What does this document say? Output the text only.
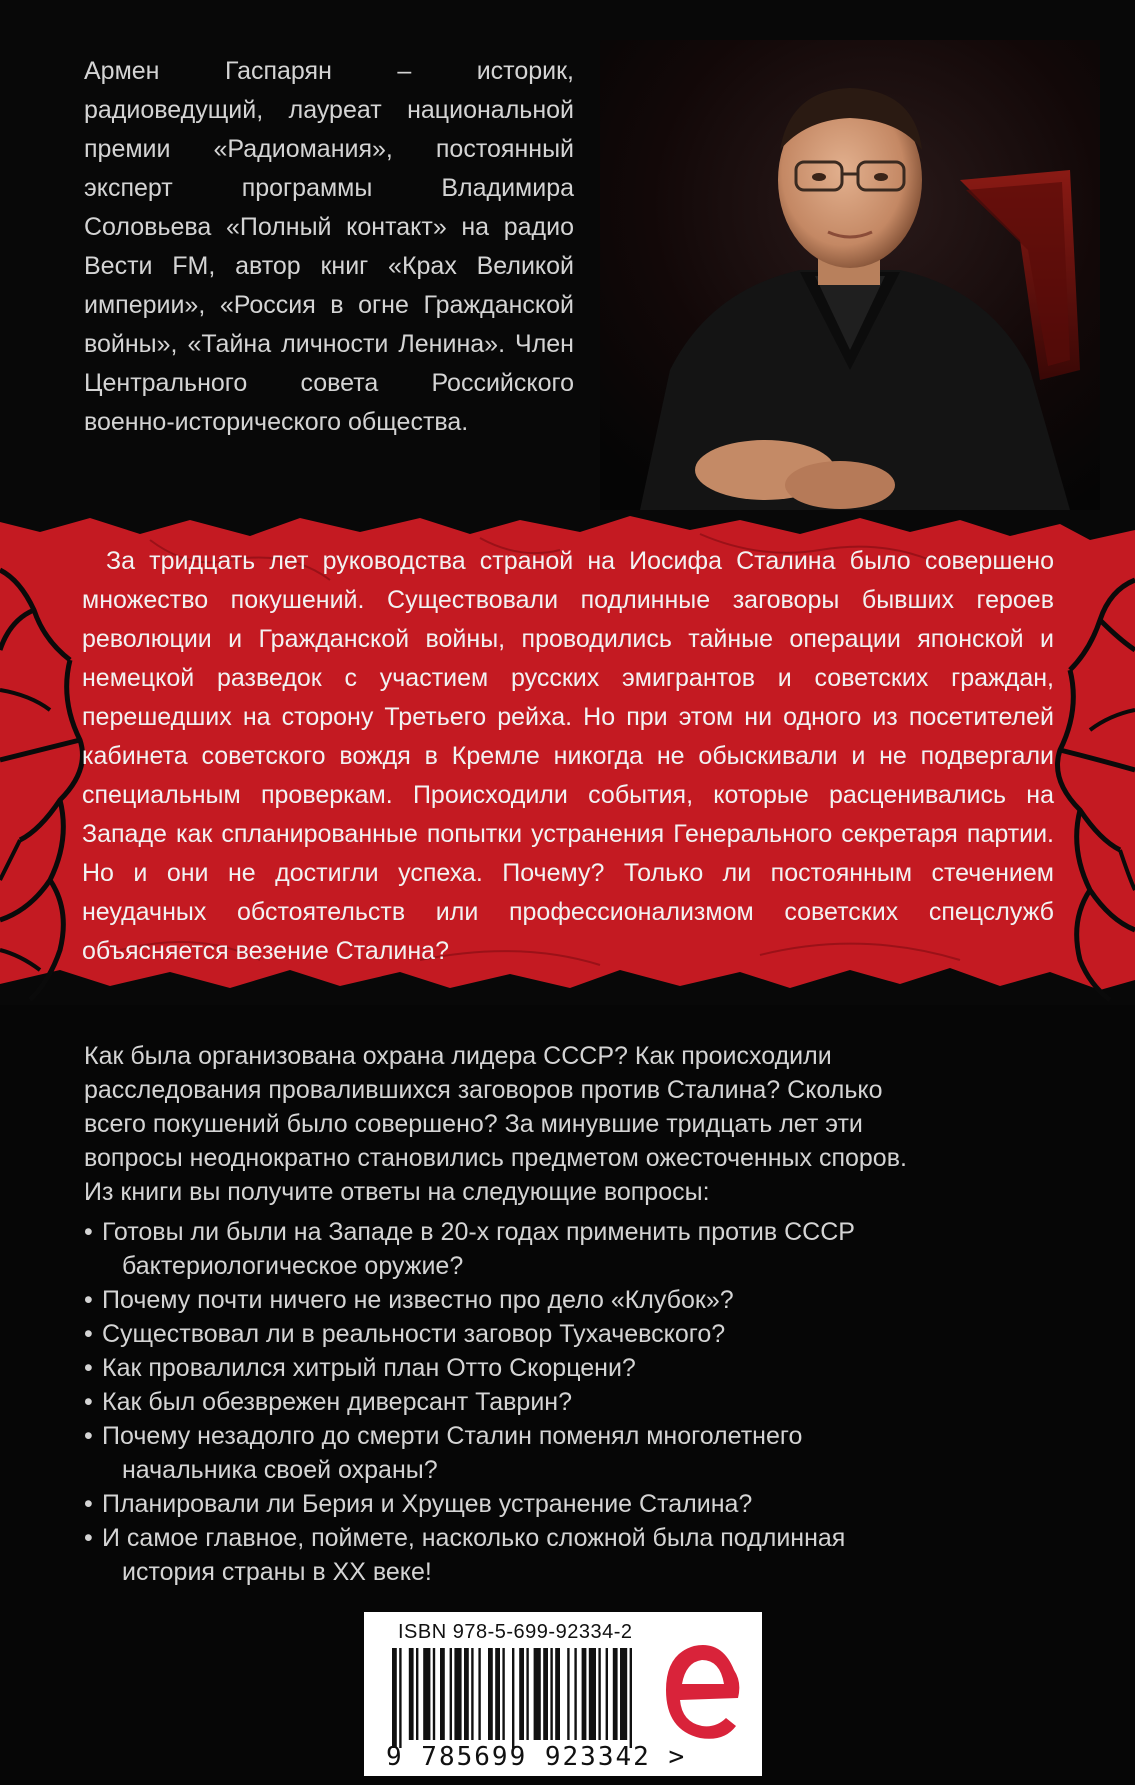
Армен Гаспарян – историк, радиоведущий, лауреат национальной премии «Радиомания», постоянный эксперт программы Владимира Соловьева «Полный контакт» на радио Вести FM, автор книг «Крах Великой империи», «Россия в огне Гражданской войны», «Тайна личности Ленина». Член Центрального совета Российского военно-исторического общества.

За тридцать лет руководства страной на Иосифа Сталина было совершено множество покушений. Существовали подлинные заговоры бывших героев революции и Гражданской войны, проводились тайные операции японской и немецкой разведок с участием русских эмигрантов и советских граждан, перешедших на сторону Третьего рейха. Но при этом ни одного из посетителей кабинета советского вождя в Кремле никогда не обыскивали и не подвергали специальным проверкам. Происходили события, которые расценивались на Западе как спланированные попытки устранения Генерального секретаря партии. Но и они не достигли успеха. Почему? Только ли постоянным стечением неудачных обстоятельств или профессионализмом советских спецслужб объясняется везение Сталина?

Как была организована охрана лидера СССР? Как происходили
расследования провалившихся заговоров против Сталина? Сколько
всего покушений было совершено? За минувшие тридцать лет эти
вопросы неоднократно становились предметом ожесточенных споров.
Из книги вы получите ответы на следующие вопросы:
• Готовы ли были на Западе в 20-х годах применить против СССР
бактериологическое оружие?
• Почему почти ничего не известно про дело «Клубок»?
• Существовал ли в реальности заговор Тухачевского?
• Как провалился хитрый план Отто Скорцени?
• Как был обезврежен диверсант Таврин?
• Почему незадолго до смерти Сталин поменял многолетнего
начальника своей охраны?
• Планировали ли Берия и Хрущев устранение Сталина?
• И самое главное, поймете, насколько сложной была подлинная
история страны в XX веке!
ISBN 978-5-699-92334-2
9 785699 923342 >
